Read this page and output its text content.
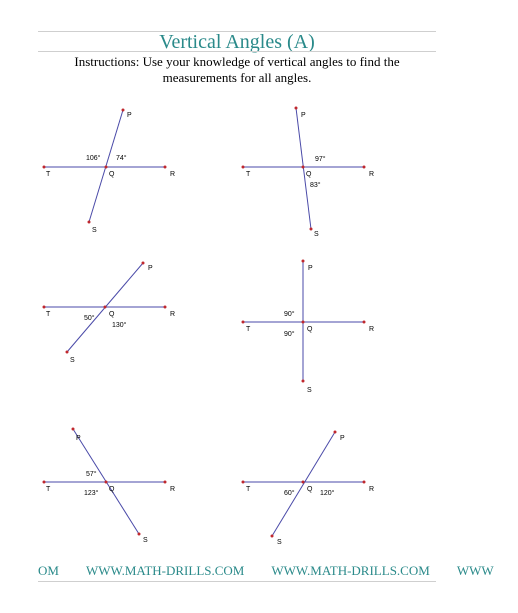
Vertical Angles (A)
Instructions: Use your knowledge of vertical angles to find the measurements for all angles.
P
T	Q	R
S
106° 74°
P
T	Q	R
S
97°
83°
P
T	Q	R
S
50°
130°
P
T	Q	R
S
90°
90°
P
T	Q	R
S
57°
123°
P
T	Q	R
S
60°	120°
OM WWW.MATH-DRILLS.COM WWW.MATH-DRILLS.COM WWW
